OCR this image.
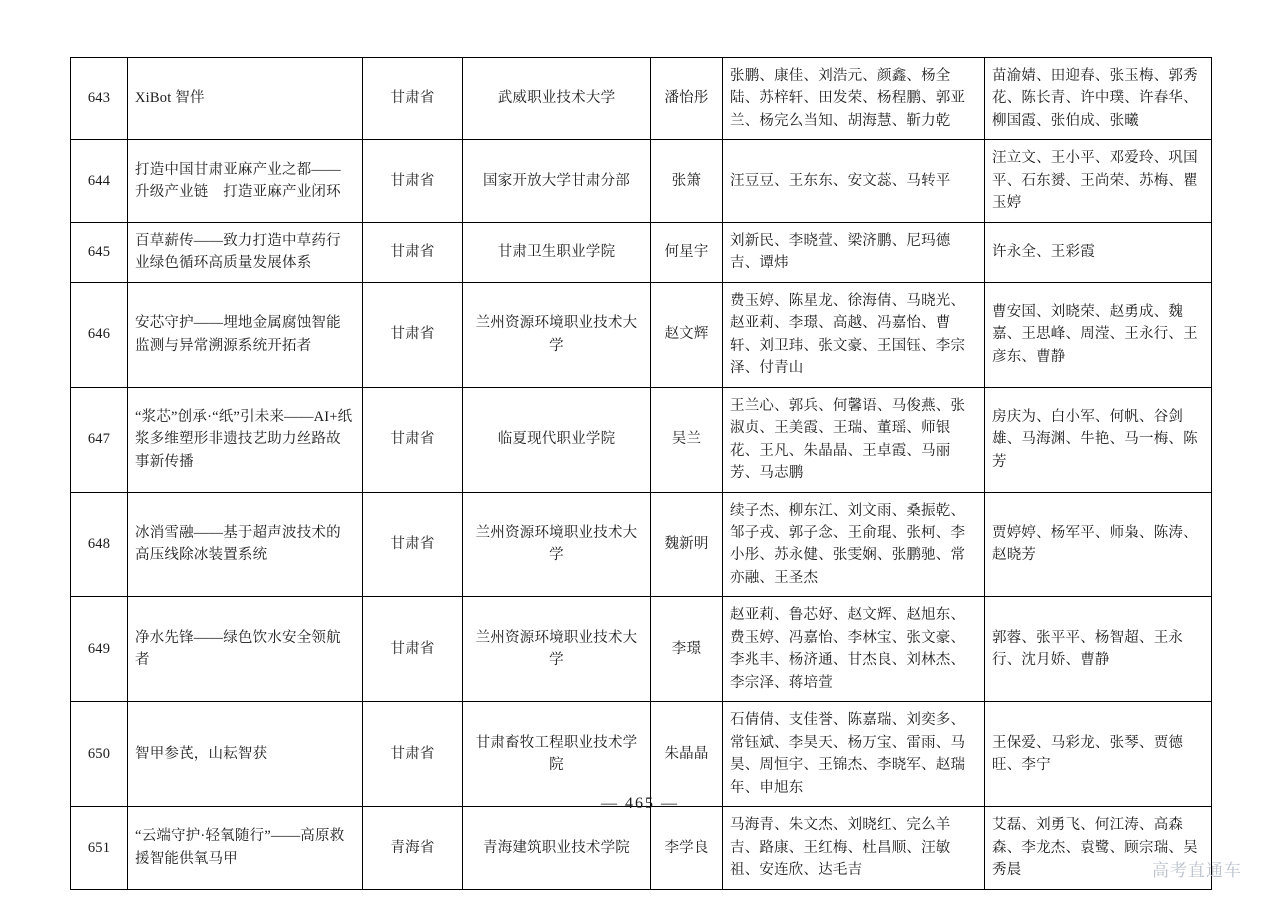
643	XiBot 智伴	甘肃省	武威职业技术大学	潘怡彤	张鹏、康佳、刘浩元、颜鑫、杨全陆、苏梓轩、田发荣、杨程鹏、郭亚兰、杨完么当知、胡海慧、靳力乾	苗渝婧、田迎春、张玉梅、郭秀花、陈长青、许中璞、许春华、柳国霞、张伯成、张曦
644	打造中国甘肃亚麻产业之都——升级产业链　打造亚麻产业闭环	甘肃省	国家开放大学甘肃分部	张箫	汪豆豆、王东东、安文蕊、马转平	汪立文、王小平、邓爱玲、巩国平、石东赟、王尚荣、苏梅、瞿玉婷
645	百草薪传——致力打造中草药行业绿色循环高质量发展体系	甘肃省	甘肃卫生职业学院	何星宇	刘新民、李晓萱、梁济鹏、尼玛德吉、谭炜	许永全、王彩霞
646	安芯守护——埋地金属腐蚀智能监测与异常溯源系统开拓者	甘肃省	兰州资源环境职业技术大学	赵文辉	费玉婷、陈星龙、徐海倩、马晓光、赵亚莉、李璟、高越、冯嘉怡、曹轩、刘卫玮、张文豪、王国钰、李宗泽、付青山	曹安国、刘晓荣、赵勇成、魏嘉、王思峰、周滢、王永行、王彦东、曹静
647	“浆芯”创承·“纸”引未来——AI+纸浆多维塑形非遗技艺助力丝路故事新传播	甘肃省	临夏现代职业学院	吴兰	王兰心、郭兵、何馨语、马俊燕、张淑贞、王美霞、王瑞、董瑶、师银花、王凡、朱晶晶、王卓霞、马丽芳、马志鹏	房庆为、白小军、何帆、谷剑雄、马海渊、牛艳、马一梅、陈芳
648	冰消雪融——基于超声波技术的高压线除冰装置系统	甘肃省	兰州资源环境职业技术大学	魏新明	续子杰、柳东江、刘文雨、桑振乾、邹子戎、郭子念、王俞琨、张柯、李小彤、苏永健、张雯娴、张鹏驰、常亦融、王圣杰	贾婷婷、杨军平、师枭、陈涛、赵晓芳
649	净水先锋——绿色饮水安全领航者	甘肃省	兰州资源环境职业技术大学	李璟	赵亚莉、鲁芯妤、赵文辉、赵旭东、费玉婷、冯嘉怡、李林宝、张文豪、李兆丰、杨济通、甘杰良、刘林杰、李宗泽、蒋培萱	郭蓉、张平平、杨智超、王永行、沈月娇、曹静
650	智甲参芪，山耘智获	甘肃省	甘肃畜牧工程职业技术学院	朱晶晶	石倩倩、支佳誉、陈嘉瑞、刘奕多、常钰斌、李昊天、杨万宝、雷雨、马昊、周恒宇、王锦杰、李晓军、赵瑞年、申旭东	王保爱、马彩龙、张琴、贾德旺、李宁
651	“云端守护·轻氧随行”——高原救援智能供氧马甲	青海省	青海建筑职业技术学院	李学良	马海青、朱文杰、刘晓红、完么羊吉、路康、王红梅、杜昌顺、汪敏祖、安连欣、达毛吉	艾磊、刘勇飞、何江涛、高森森、李龙杰、袁鹭、顾宗瑞、吴秀晨
— 465 —
高考直通车
